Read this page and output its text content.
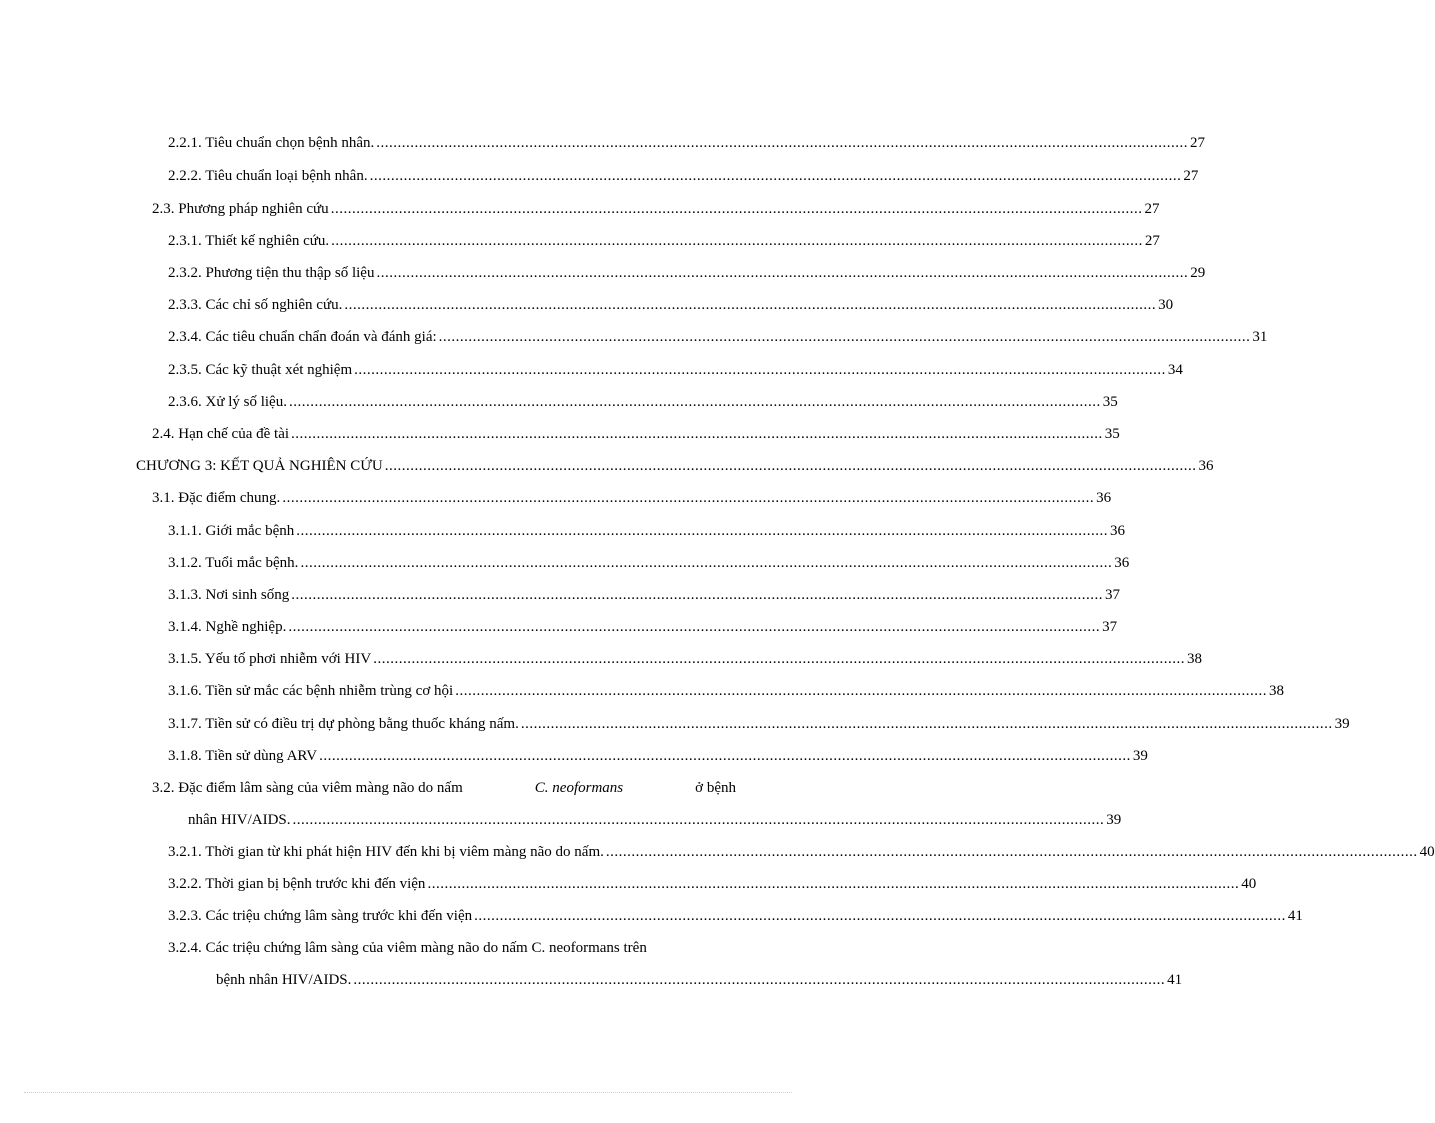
2.2.1. Tiêu chuẩn chọn bệnh nhân. ............................................................................................................................................................................................... 27
2.2.2. Tiêu chuẩn loại bệnh nhân. ............................................................................................................................................................................................... 27
2.3. Phương pháp nghiên cứu ............................................................................................................................................................................................... 27
2.3.1. Thiết kế nghiên cứu. ............................................................................................................................................................................................... 27
2.3.2. Phương tiện thu thập số liệu ............................................................................................................................................................................................... 29
2.3.3. Các chỉ số nghiên cứu. ............................................................................................................................................................................................... 30
2.3.4. Các tiêu chuẩn chẩn đoán và đánh giá: ............................................................................................................................................................................................... 31
2.3.5. Các kỹ thuật xét nghiệm ............................................................................................................................................................................................... 34
2.3.6. Xử lý số liệu. ............................................................................................................................................................................................... 35
2.4. Hạn chế của đề tài ............................................................................................................................................................................................... 35
CHƯƠNG 3: KẾT QUẢ NGHIÊN CỨU ............................................................................................................................................................................................... 36
3.1. Đặc điểm chung. ............................................................................................................................................................................................... 36
3.1.1. Giới mắc bệnh ............................................................................................................................................................................................... 36
3.1.2. Tuổi mắc bệnh. ............................................................................................................................................................................................... 36
3.1.3. Nơi sinh sống ............................................................................................................................................................................................... 37
3.1.4. Nghề nghiệp. ............................................................................................................................................................................................... 37
3.1.5. Yếu tố phơi nhiễm với HIV ............................................................................................................................................................................................... 38
3.1.6. Tiền sử mắc các bệnh nhiễm trùng cơ hội ............................................................................................................................................................................................... 38
3.1.7. Tiền sử có điều trị dự phòng bằng thuốc kháng nấm. ............................................................................................................................................................................................... 39
3.1.8. Tiền sử dùng ARV ............................................................................................................................................................................................... 39
3.2. Đặc điểm lâm sàng của viêm màng não do nấm	C. neoformans	ở bệnh
nhân HIV/AIDS. ............................................................................................................................................................................................... 39
3.2.1. Thời gian từ khi phát hiện HIV đến khi bị viêm màng não do nấm. ............................................................................................................................................................................................... 40
3.2.2. Thời gian bị bệnh trước khi đến viện ............................................................................................................................................................................................... 40
3.2.3. Các triệu chứng lâm sàng trước khi đến viện ............................................................................................................................................................................................... 41
3.2.4. Các triệu chứng lâm sàng của viêm màng não do nấm C. neoformans trên
bệnh nhân HIV/AIDS. ............................................................................................................................................................................................... 41
